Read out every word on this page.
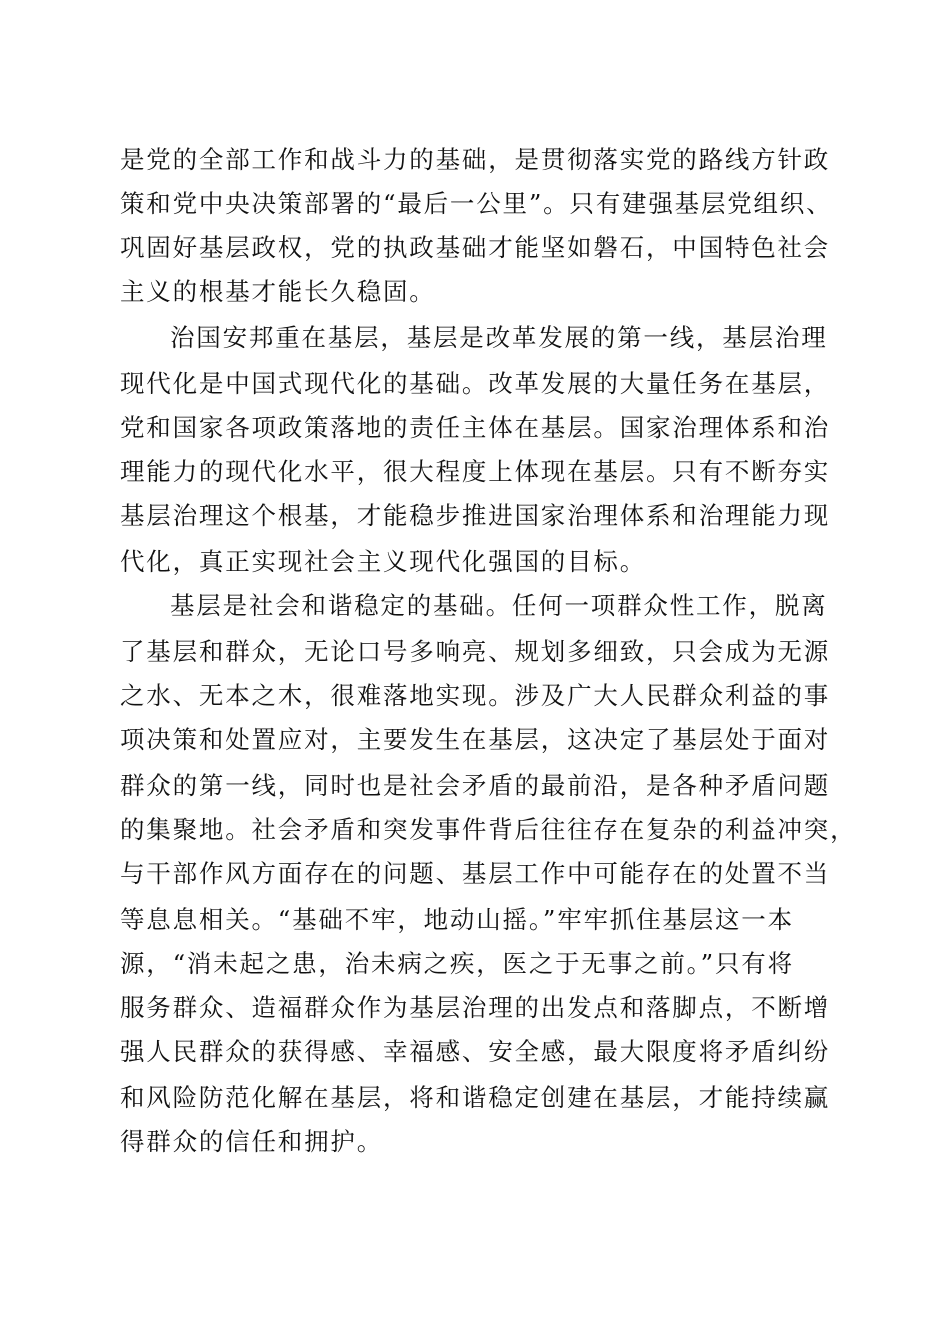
是党的全部工作和战斗力的基础，是贯彻落实党的路线方针政
策和党中央决策部署的“最后一公里”。只有建强基层党组织、
巩固好基层政权，党的执政基础才能坚如磐石，中国特色社会
主义的根基才能长久稳固。
治国安邦重在基层，基层是改革发展的第一线，基层治理
现代化是中国式现代化的基础。改革发展的大量任务在基层，
党和国家各项政策落地的责任主体在基层。国家治理体系和治
理能力的现代化水平，很大程度上体现在基层。只有不断夯实
基层治理这个根基，才能稳步推进国家治理体系和治理能力现
代化，真正实现社会主义现代化强国的目标。
基层是社会和谐稳定的基础。任何一项群众性工作，脱离
了基层和群众，无论口号多响亮、规划多细致，只会成为无源
之水、无本之木，很难落地实现。涉及广大人民群众利益的事
项决策和处置应对，主要发生在基层，这决定了基层处于面对
群众的第一线，同时也是社会矛盾的最前沿，是各种矛盾问题
的集聚地。社会矛盾和突发事件背后往往存在复杂的利益冲突，
与干部作风方面存在的问题、基层工作中可能存在的处置不当
等息息相关。“基础不牢，地动山摇。”牢牢抓住基层这一本
源，“消未起之患，治未病之疾，医之于无事之前。”只有将
服务群众、造福群众作为基层治理的出发点和落脚点，不断增
强人民群众的获得感、幸福感、安全感，最大限度将矛盾纠纷
和风险防范化解在基层，将和谐稳定创建在基层，才能持续赢
得群众的信任和拥护。
